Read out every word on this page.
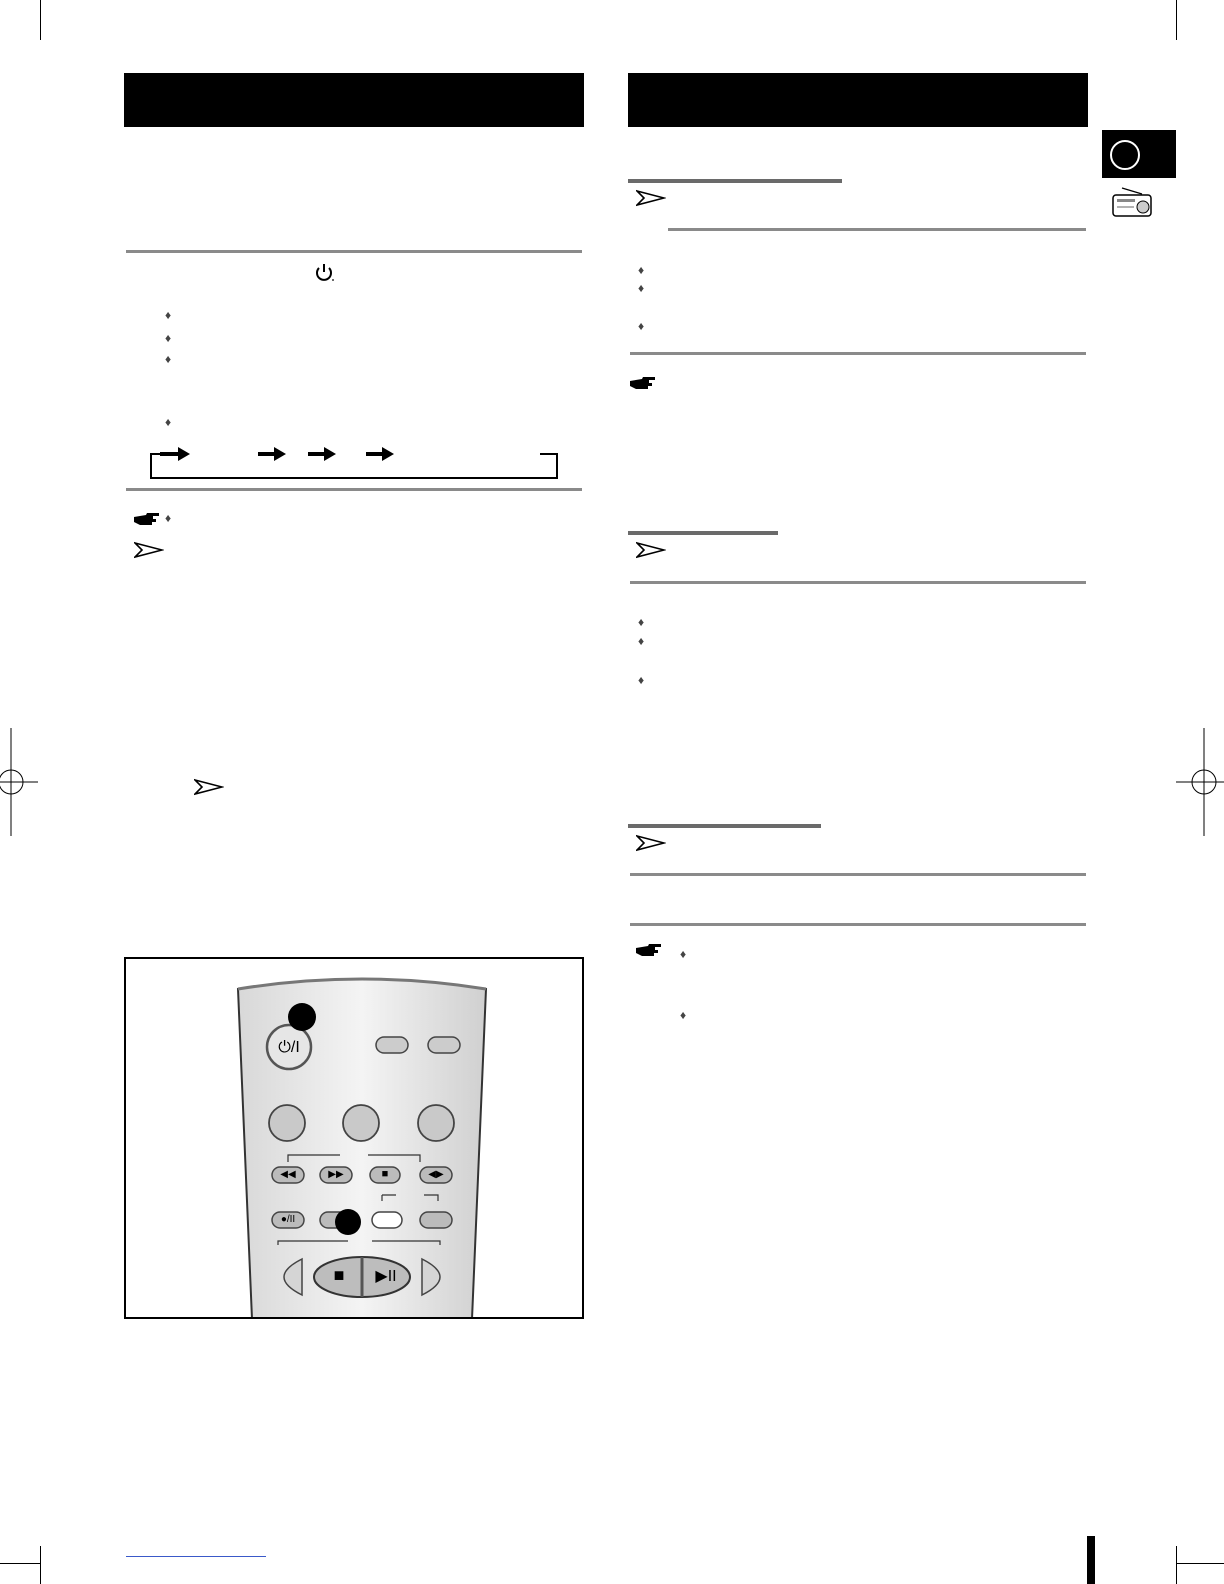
♦
♦
♦
♦
♦
⏻/I
◀◀	▶▶	■	◀▶
●/II
■	▶II
♦
♦
♦
♦
♦
♦
♦
♦
